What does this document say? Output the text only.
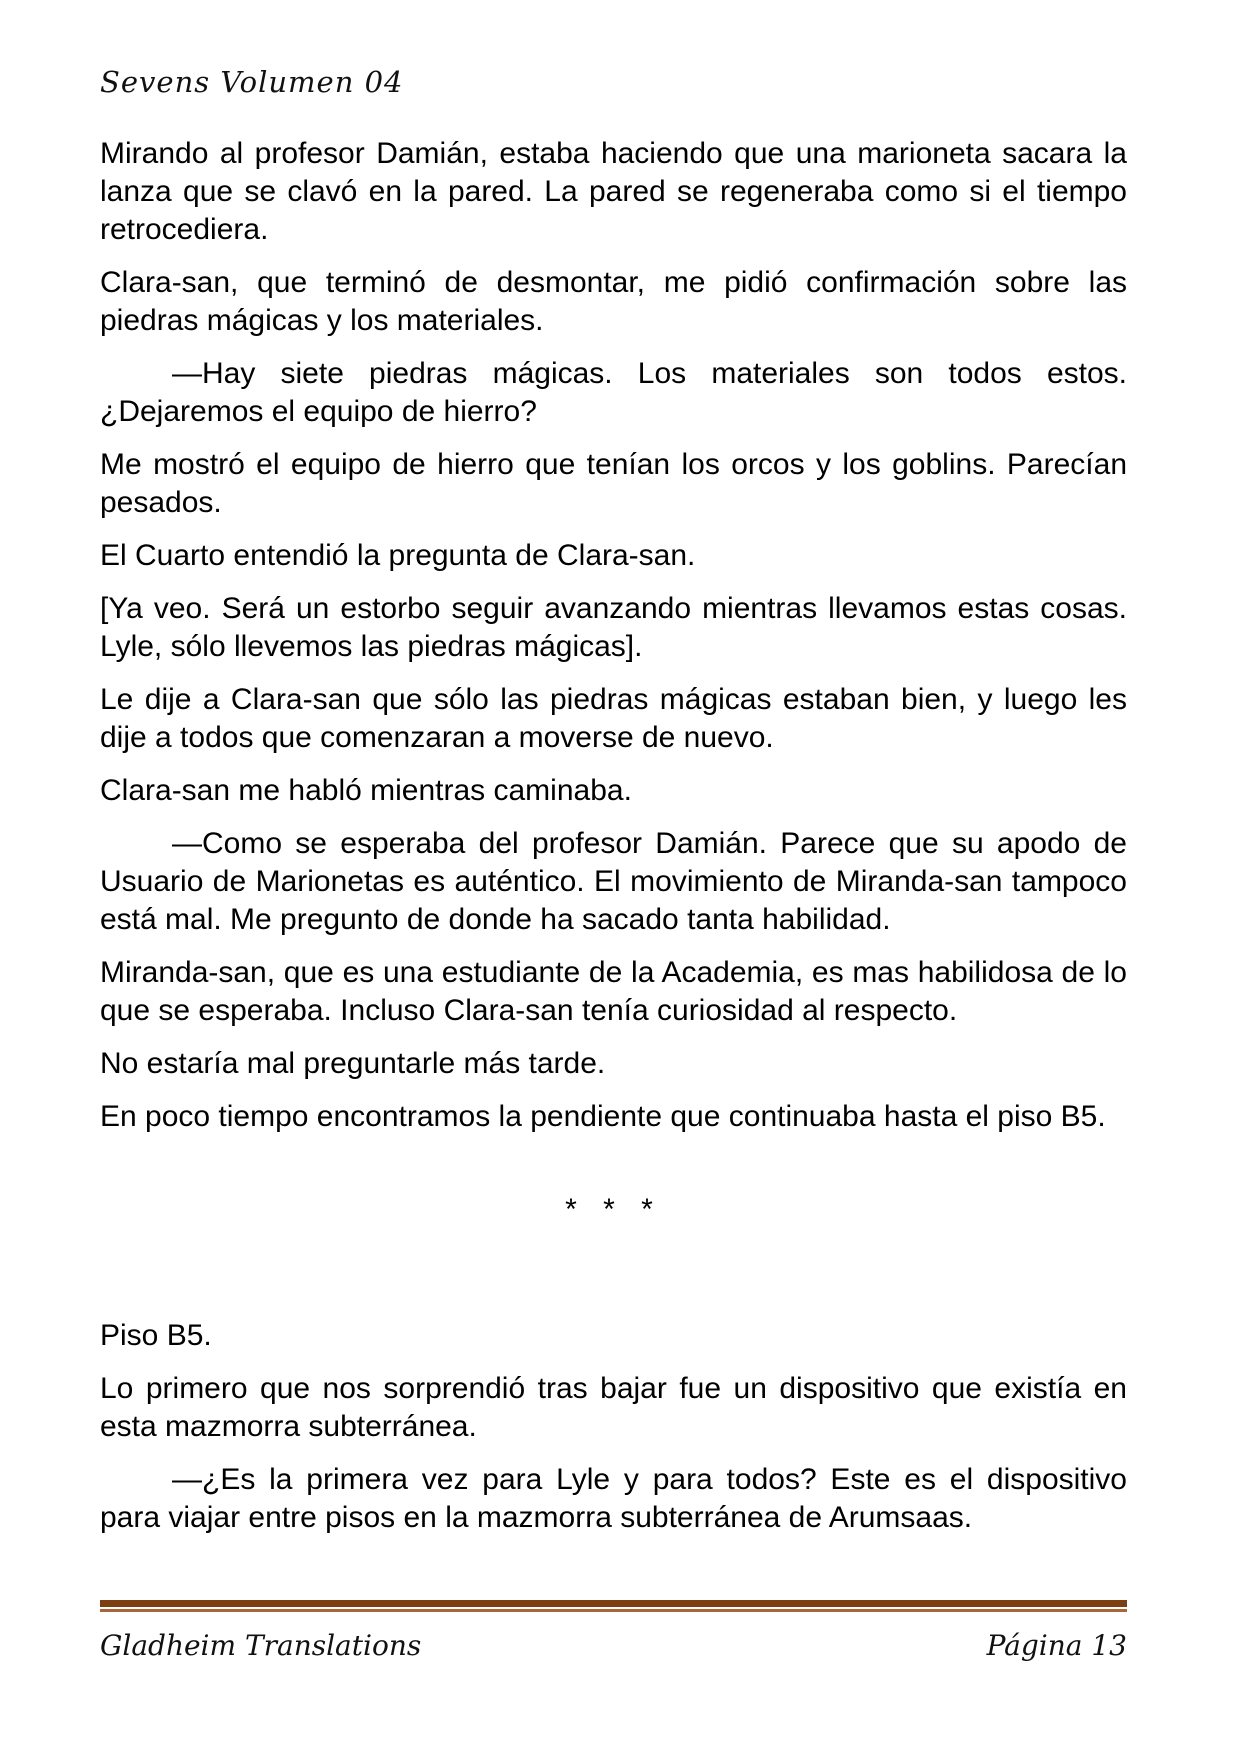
Sevens Volumen 04

Mirando al profesor Damián, estaba haciendo que una marioneta sacara la lanza que se clavó en la pared. La pared se regeneraba como si el tiempo retrocediera.

Clara-san, que terminó de desmontar, me pidió confirmación sobre las piedras mágicas y los materiales.

—Hay siete piedras mágicas. Los materiales son todos estos. ¿Dejaremos el equipo de hierro?

Me mostró el equipo de hierro que tenían los orcos y los goblins. Parecían pesados.

El Cuarto entendió la pregunta de Clara-san.

[Ya veo. Será un estorbo seguir avanzando mientras llevamos estas cosas. Lyle, sólo llevemos las piedras mágicas].

Le dije a Clara-san que sólo las piedras mágicas estaban bien, y luego les dije a todos que comenzaran a moverse de nuevo.

Clara-san me habló mientras caminaba.

—Como se esperaba del profesor Damián. Parece que su apodo de Usuario de Marionetas es auténtico. El movimiento de Miranda-san tampoco está mal. Me pregunto de donde ha sacado tanta habilidad.

Miranda-san, que es una estudiante de la Academia, es mas habilidosa de lo que se esperaba. Incluso Clara-san tenía curiosidad al respecto.

No estaría mal preguntarle más tarde.

En poco tiempo encontramos la pendiente que continuaba hasta el piso B5.

* * *

Piso B5.

Lo primero que nos sorprendió tras bajar fue un dispositivo que existía en esta mazmorra subterránea.

—¿Es la primera vez para Lyle y para todos? Este es el dispositivo para viajar entre pisos en la mazmorra subterránea de Arumsaas.

Gladheim Translations	Página 13
